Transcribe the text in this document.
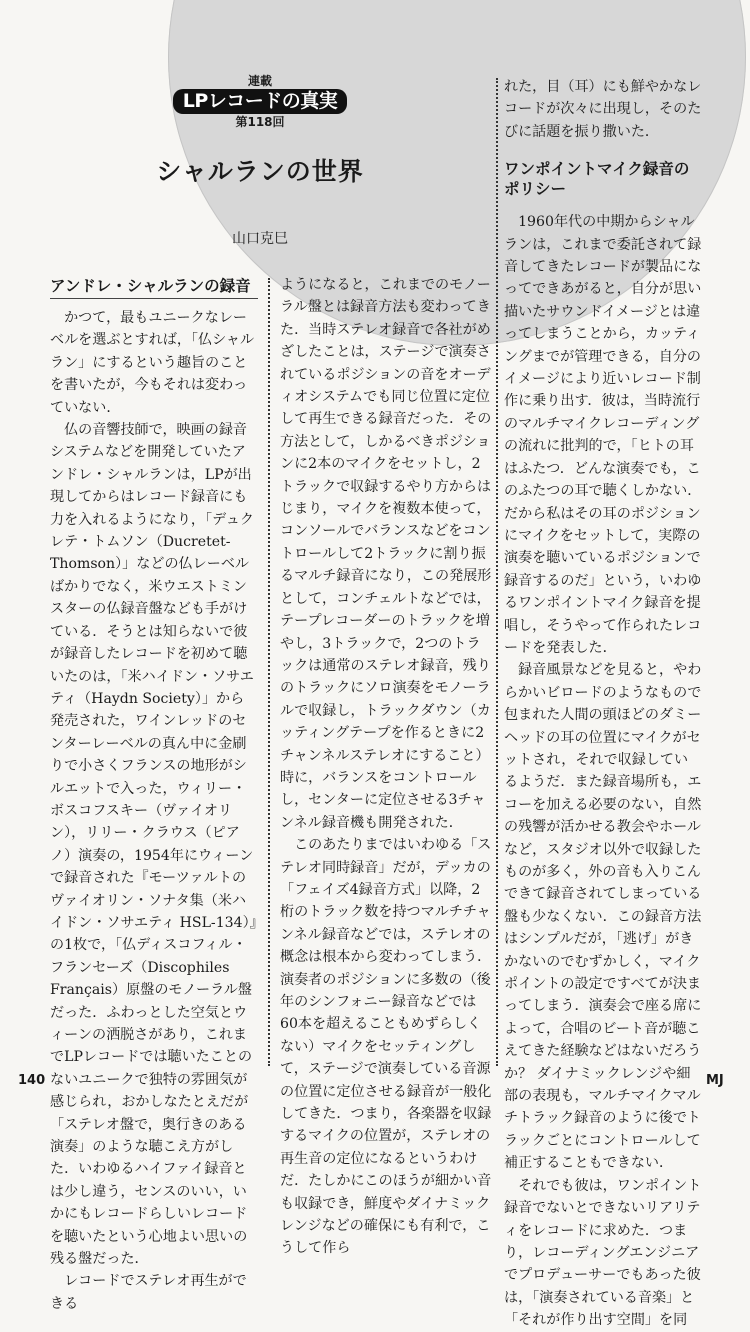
連載
LPレコードの真実
第118回
シャルランの世界
山口克巳
アンドレ・シャルランの録音

かつて，最もユニークなレーベルを選ぶとすれば，「仏シャルラン」にするという趣旨のことを書いたが，今もそれは変わっていない．

仏の音響技師で，映画の録音システムなどを開発していたアンドレ・シャルランは，LPが出現してからはレコード録音にも力を入れるようになり，「デュクレテ・トムソン（Ducretet-Thomson）」などの仏レーベルばかりでなく，米ウエストミンスターの仏録音盤なども手がけている．そうとは知らないで彼が録音したレコードを初めて聴いたのは，「米ハイドン・ソサエティ（Haydn Society）」から発売された，ワインレッドのセンターレーベルの真ん中に金刷りで小さくフランスの地形がシルエットで入った，ウィリー・ボスコフスキー（ヴァイオリン），リリー・クラウス（ピアノ）演奏の，1954年にウィーンで録音された『モーツァルトのヴァイオリン・ソナタ集（米ハイドン・ソサエティ HSL-134）』の1枚で，「仏ディスコフィル・フランセーズ（Discophiles Français）原盤のモノーラル盤だった．ふわっとした空気とウィーンの洒脱さがあり，これまでLPレコードでは聴いたことのないユニークで独特の雰囲気が感じられ，おかしなたとえだが「ステレオ盤で，奥行きのある演奏」のような聴こえ方がした．いわゆるハイファイ録音とは少し違う，センスのいい，いかにもレコードらしいレコードを聴いたという心地よい思いの残る盤だった．

レコードでステレオ再生ができる

ようになると，これまでのモノーラル盤とは録音方法も変わってきた．当時ステレオ録音で各社がめざしたことは，ステージで演奏されているポジションの音をオーディオシステムでも同じ位置に定位して再生できる録音だった．その方法として，しかるべきポジションに2本のマイクをセットし，2トラックで収録するやり方からはじまり，マイクを複数本使って，コンソールでバランスなどをコントロールして2トラックに割り振るマルチ録音になり，この発展形として，コンチェルトなどでは，テープレコーダーのトラックを増やし，3トラックで，2つのトラックは通常のステレオ録音，残りのトラックにソロ演奏をモノーラルで収録し，トラックダウン（カッティングテープを作るときに2チャンネルステレオにすること）時に，バランスをコントロールし，センターに定位させる3チャンネル録音機も開発された．

このあたりまではいわゆる「ステレオ同時録音」だが，デッカの「フェイズ4録音方式」以降，2桁のトラック数を持つマルチチャンネル録音などでは，ステレオの概念は根本から変わってしまう．演奏者のポジションに多数の（後年のシンフォニー録音などでは60本を超えることもめずらしくない）マイクをセッティングして，ステージで演奏している音源の位置に定位させる録音が一般化してきた．つまり，各楽器を収録するマイクの位置が，ステレオの再生音の定位になるというわけだ．たしかにこのほうが細かい音も収録でき，鮮度やダイナミックレンジなどの確保にも有利で，こうして作ら

れた，目（耳）にも鮮やかなレコードが次々に出現し，そのたびに話題を振り撒いた．

ワンポイントマイク録音のポリシー

1960年代の中期からシャルランは，これまで委託されて録音してきたレコードが製品になってできあがると，自分が思い描いたサウンドイメージとは違ってしまうことから，カッティングまでが管理できる，自分のイメージにより近いレコード制作に乗り出す．彼は，当時流行のマルチマイクレコーディングの流れに批判的で，「ヒトの耳はふたつ．どんな演奏でも，このふたつの耳で聴くしかない．だから私はその耳のポジションにマイクをセットして，実際の演奏を聴いているポジションで録音するのだ」という，いわゆるワンポイントマイク録音を提唱し，そうやって作られたレコードを発表した．

録音風景などを見ると，やわらかいビロードのようなもので包まれた人間の頭ほどのダミーヘッドの耳の位置にマイクがセットされ，それで収録しているようだ．また録音場所も，エコーを加える必要のない，自然の残響が活かせる教会やホールなど，スタジオ以外で収録したものが多く，外の音も入りこんできて録音されてしまっている盤も少なくない．この録音方法はシンプルだが，「逃げ」がきかないのでむずかしく，マイクポイントの設定ですべてが決まってしまう．演奏会で座る席によって，合唱のビート音が聴こえてきた経験などはないだろうか？ ダイナミックレンジや細部の表現も，マルチマイクマルチトラック録音のように後でトラックごとにコントロールして補正することもできない．

それでも彼は，ワンポイント録音でないとできないリアリティをレコードに求めた．つまり，レコーディングエンジニアでプロデューサーでもあった彼は，「演奏されている音楽」と「それが作り出す空間」を同

140	MJ
